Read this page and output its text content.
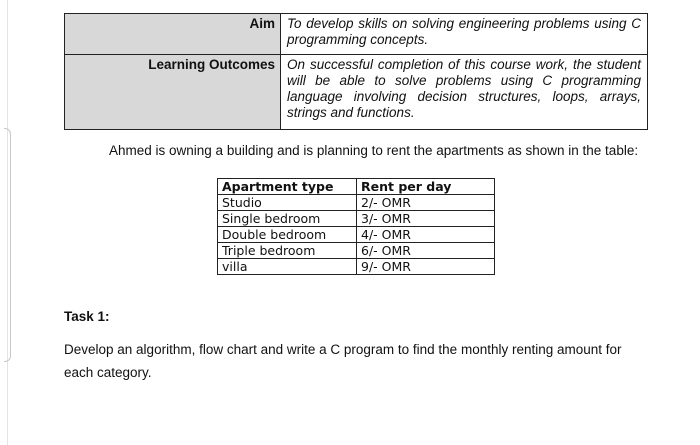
Aim	To develop skills on solving engineering problems using C programming concepts.
Learning Outcomes	On successful completion of this course work, the student will be able to solve problems using C programming language involving decision structures, loops, arrays, strings and functions.
Ahmed is owning a building and is planning to rent the apartments as shown in the table:
Apartment type	Rent per day
Studio	2/- OMR
Single bedroom	3/- OMR
Double bedroom	4/- OMR
Triple bedroom	6/- OMR
villa	9/- OMR
Task 1:
Develop an algorithm, flow chart and write a C program to find the monthly renting amount for each category.
